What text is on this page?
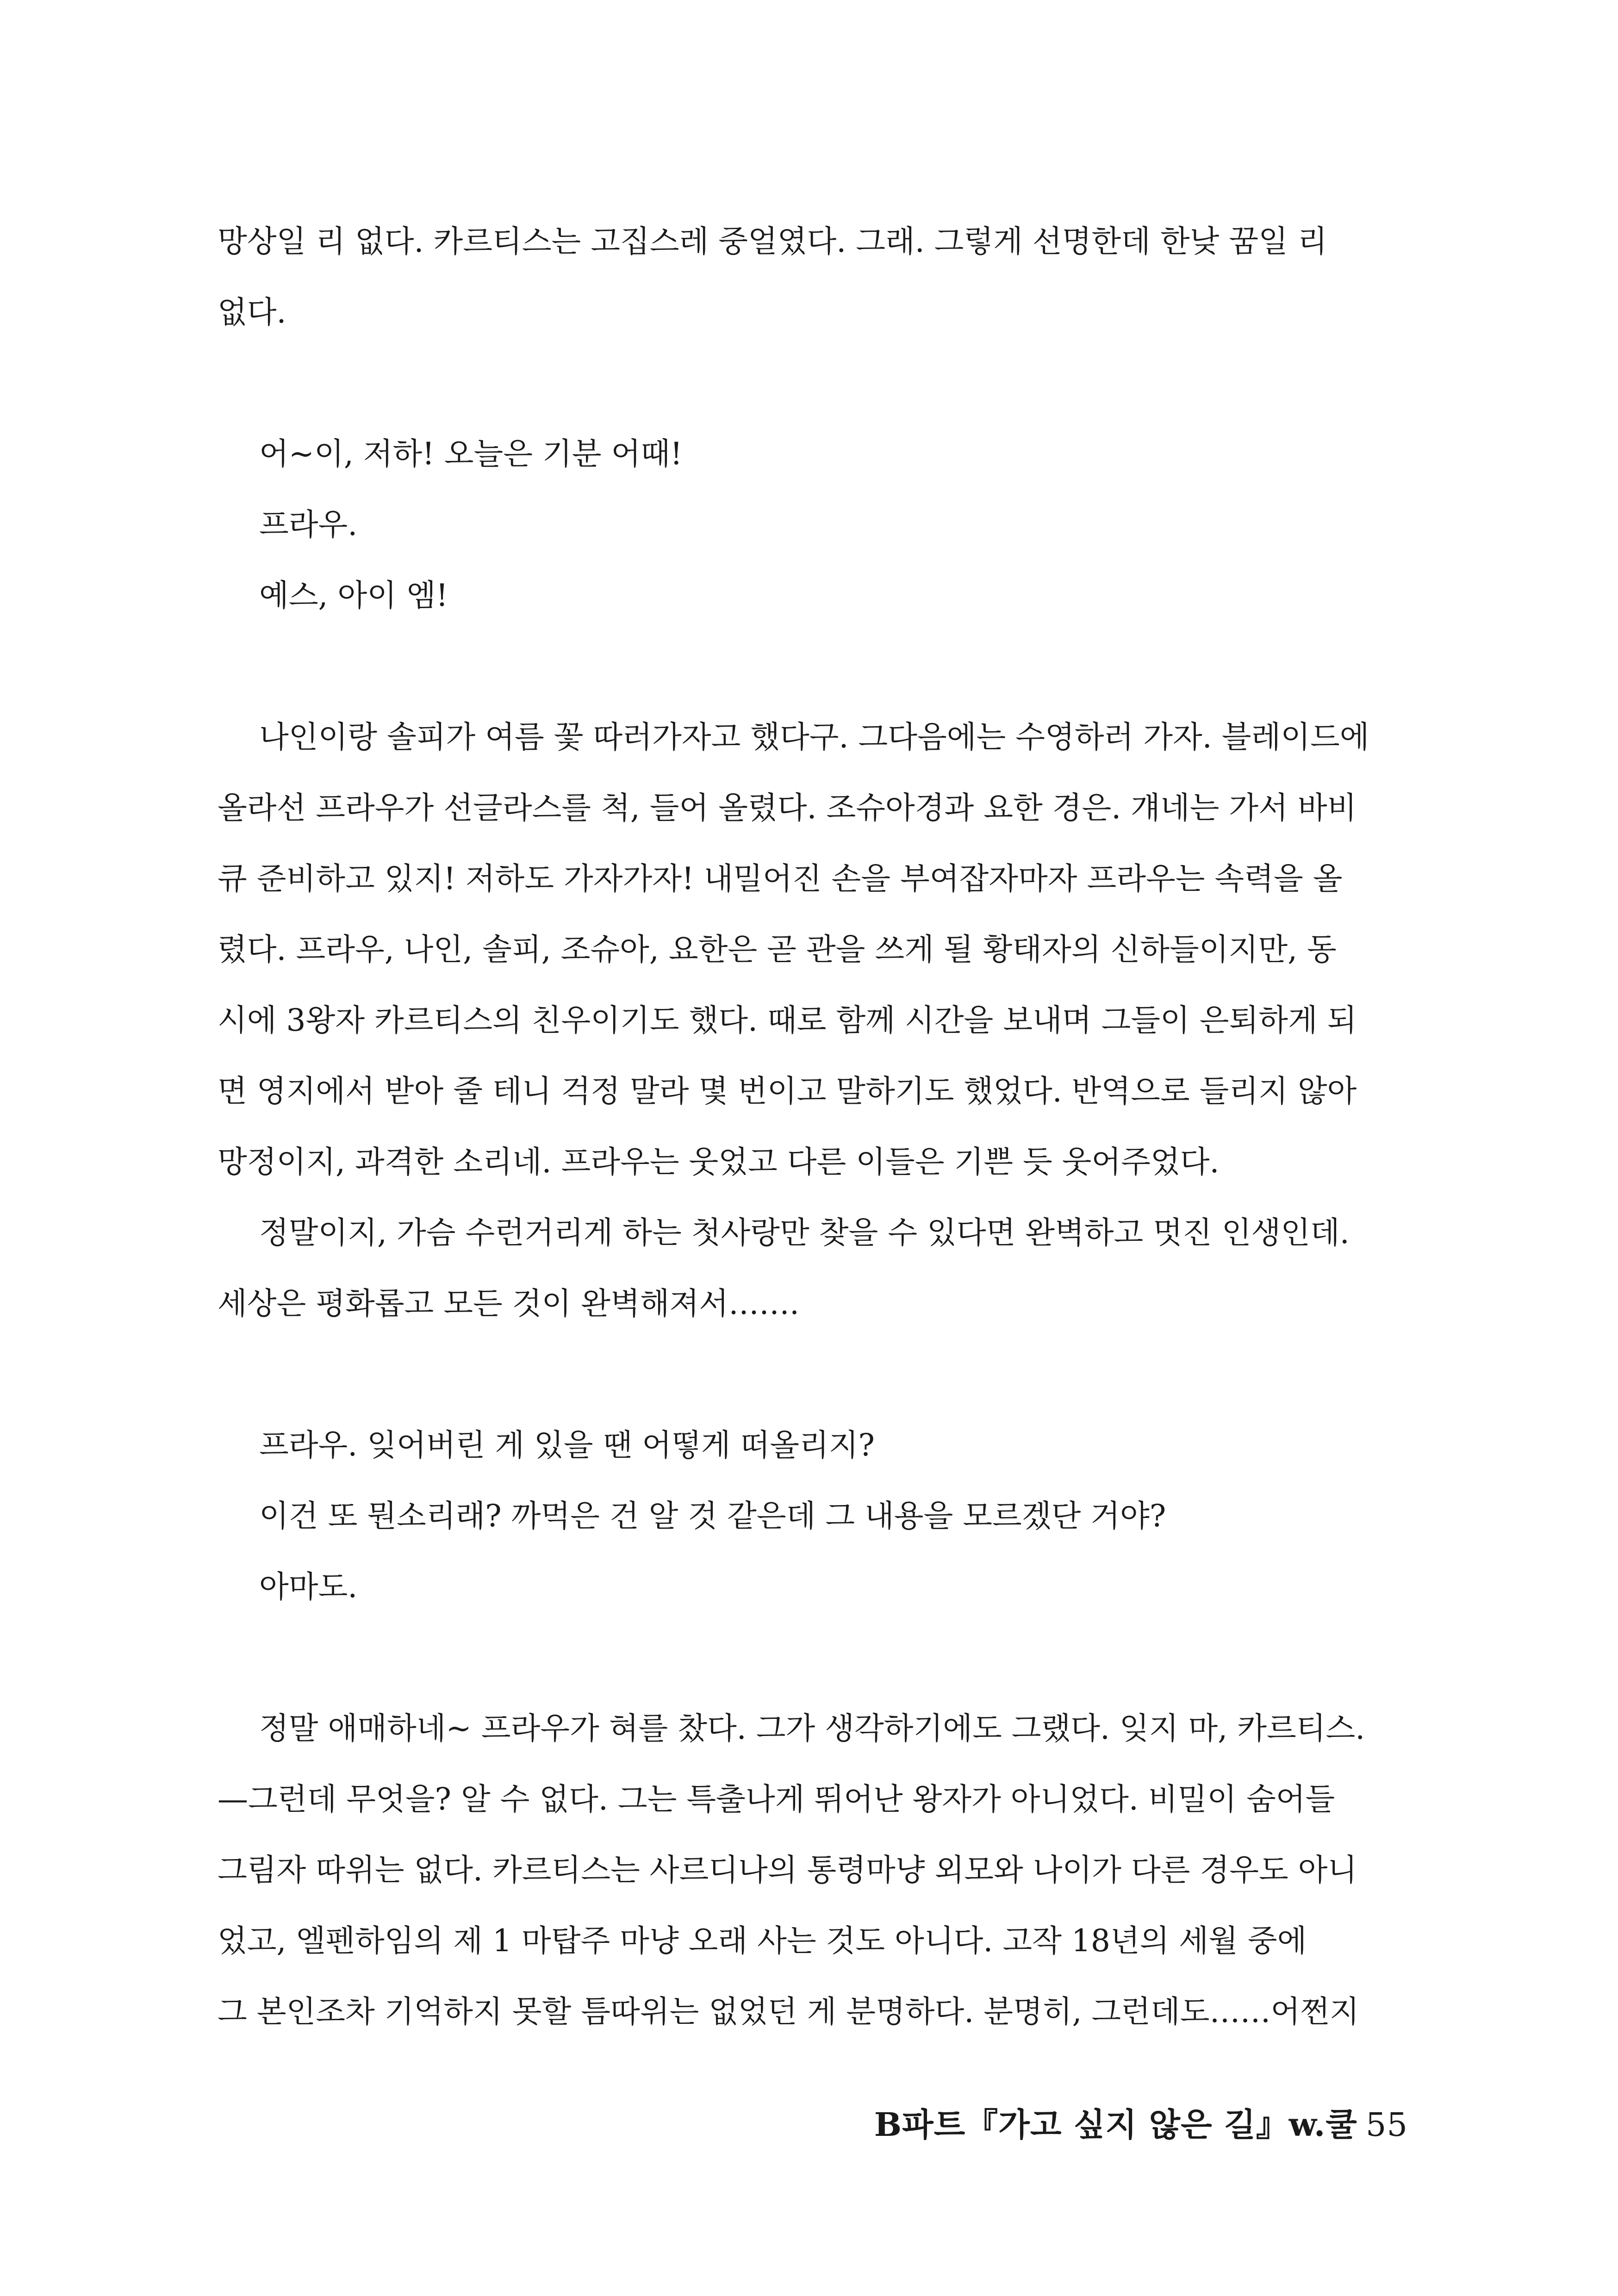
망상일 리 없다. 카르티스는 고집스레 중얼였다. 그래. 그렇게 선명한데 한낮 꿈일 리

없다.

어~이, 저하! 오늘은 기분 어때!

프라우.

예스, 아이 엠!

나인이랑 솔피가 여름 꽃 따러가자고 했다구. 그다음에는 수영하러 가자. 블레이드에

올라선 프라우가 선글라스를 척, 들어 올렸다. 조슈아경과 요한 경은. 걔네는 가서 바비

큐 준비하고 있지! 저하도 가자가자! 내밀어진 손을 부여잡자마자 프라우는 속력을 올

렸다. 프라우, 나인, 솔피, 조슈아, 요한은 곧 관을 쓰게 될 황태자의 신하들이지만, 동

시에 3왕자 카르티스의 친우이기도 했다. 때로 함께 시간을 보내며 그들이 은퇴하게 되

면 영지에서 받아 줄 테니 걱정 말라 몇 번이고 말하기도 했었다. 반역으로 들리지 않아

망정이지, 과격한 소리네. 프라우는 웃었고 다른 이들은 기쁜 듯 웃어주었다.

정말이지, 가슴 수런거리게 하는 첫사랑만 찾을 수 있다면 완벽하고 멋진 인생인데.

세상은 평화롭고 모든 것이 완벽해져서…….

프라우. 잊어버린 게 있을 땐 어떻게 떠올리지?

이건 또 뭔소리래? 까먹은 건 알 것 같은데 그 내용을 모르겠단 거야?

아마도.

정말 애매하네~ 프라우가 혀를 찼다. 그가 생각하기에도 그랬다. 잊지 마, 카르티스.

—그런데 무엇을? 알 수 없다. 그는 특출나게 뛰어난 왕자가 아니었다. 비밀이 숨어들

그림자 따위는 없다. 카르티스는 사르디나의 통령마냥 외모와 나이가 다른 경우도 아니

었고, 엘펜하임의 제 1 마탑주 마냥 오래 사는 것도 아니다. 고작 18년의 세월 중에

그 본인조차 기억하지 못할 틈따위는 없었던 게 분명하다. 분명히, 그런데도……어쩐지

B파트『가고 싶지 않은 길』w.쿨 55
